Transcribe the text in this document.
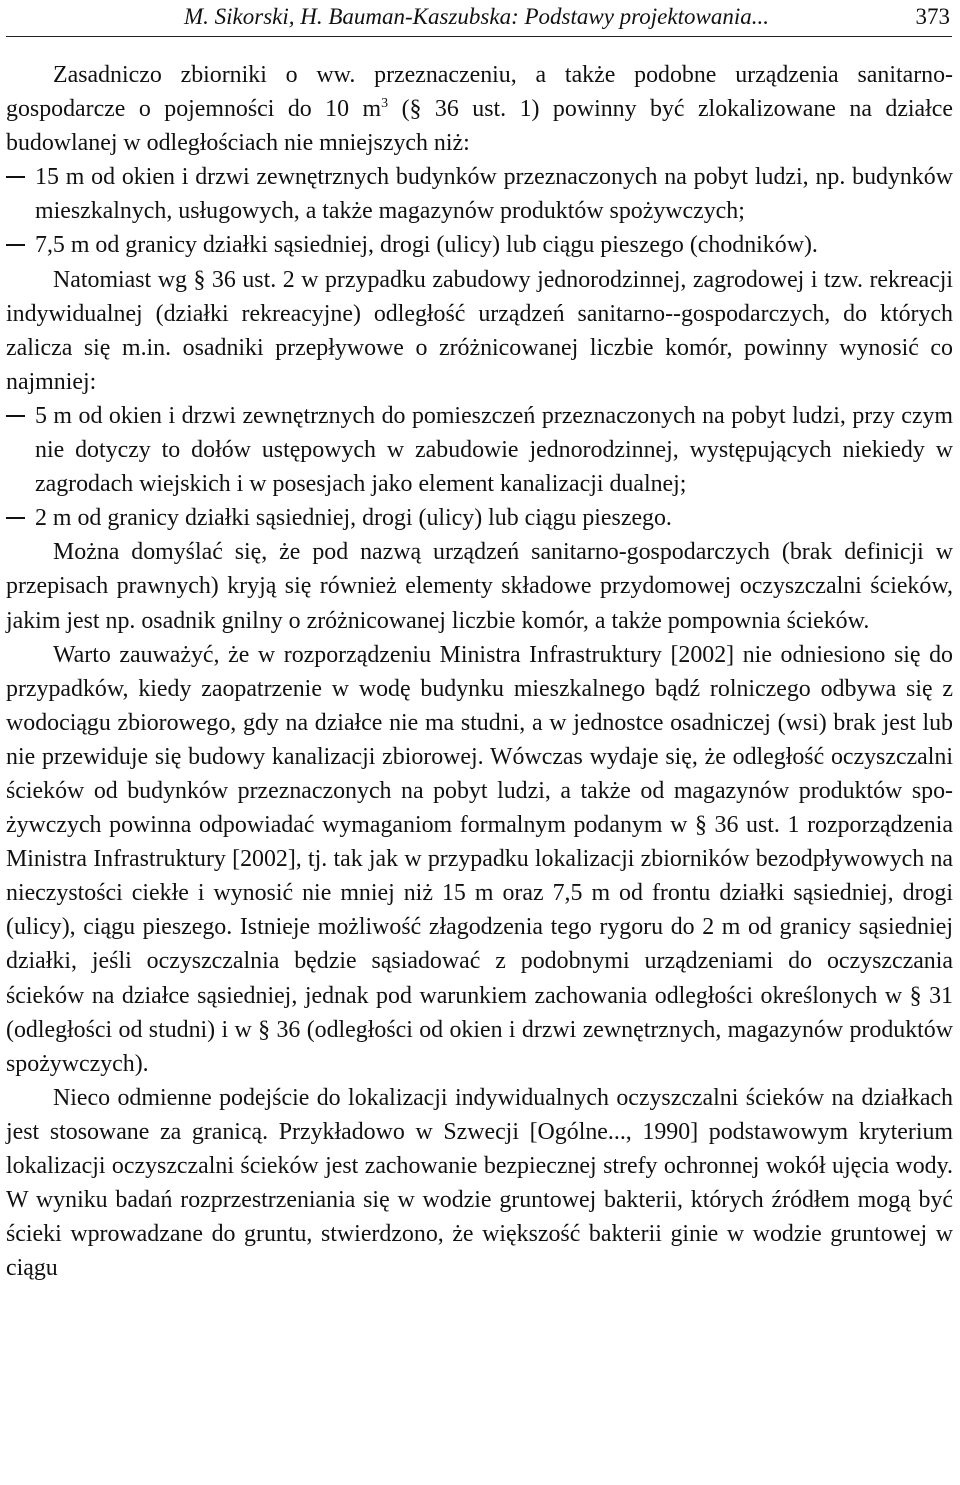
M. Sikorski, H. Bauman-Kaszubska: Podstawy projektowania...	373

Zasadniczo zbiorniki o ww. przeznaczeniu, a także podobne urządzenia sanitarno-gospodarcze o pojemności do 10 $m^3$ (§ 36 ust. 1) powinny być zlokalizowane na działce budowlanej w odległościach nie mniejszych niż:

15 m od okien i drzwi zewnętrznych budynków przeznaczonych na pobyt ludzi, np. budynków mieszkalnych, usługowych, a także magazynów produktów spożywczych;

7,5 m od granicy działki sąsiedniej, drogi (ulicy) lub ciągu pieszego (chodników).

Natomiast wg § 36 ust. 2 w przypadku zabudowy jednorodzinnej, zagrodowej i tzw. rekreacji indywidualnej (działki rekreacyjne) odległość urządzeń sanitarno--gospodarczych, do których zalicza się m.in. osadniki przepływowe o zróżnicowanej liczbie komór, powinny wynosić co najmniej:

5 m od okien i drzwi zewnętrznych do pomieszczeń przeznaczonych na pobyt ludzi, przy czym nie dotyczy to dołów ustępowych w zabudowie jednorodzinnej, występujących niekiedy w zagrodach wiejskich i w posesjach jako element kanalizacji dualnej;

2 m od granicy działki sąsiedniej, drogi (ulicy) lub ciągu pieszego.

Można domyślać się, że pod nazwą urządzeń sanitarno-gospodarczych (brak definicji w przepisach prawnych) kryją się również elementy składowe przydomowej oczyszczalni ścieków, jakim jest np. osadnik gnilny o zróżnicowanej liczbie komór, a także pompownia ścieków.

Warto zauważyć, że w rozporządzeniu Ministra Infrastruktury [2002] nie odniesiono się do przypadków, kiedy zaopatrzenie w wodę budynku mieszkalnego bądź rolniczego odbywa się z wodociągu zbiorowego, gdy na działce nie ma studni, a w jednostce osadniczej (wsi) brak jest lub nie przewiduje się budowy kanalizacji zbiorowej. Wówczas wydaje się, że odległość oczyszczalni ścieków od budynków przeznaczonych na pobyt ludzi, a także od magazynów produktów spożywczych powinna odpowiadać wymaganiom formalnym podanym w § 36 ust. 1 rozporządzenia Ministra Infrastruktury [2002], tj. tak jak w przypadku lokalizacji zbiorników bezodpływowych na nieczystości ciekłe i wynosić nie mniej niż 15 m oraz 7,5 m od frontu działki sąsiedniej, drogi (ulicy), ciągu pieszego. Istnieje możliwość złagodzenia tego rygoru do 2 m od granicy sąsiedniej działki, jeśli oczyszczalnia będzie sąsiadować z podobnymi urządzeniami do oczyszczania ścieków na działce sąsiedniej, jednak pod warunkiem zachowania odległości określonych w § 31 (odległości od studni) i w § 36 (odległości od okien i drzwi zewnętrznych, magazynów produktów spożywczych).

Nieco odmienne podejście do lokalizacji indywidualnych oczyszczalni ścieków na działkach jest stosowane za granicą. Przykładowo w Szwecji [Ogólne..., 1990] podstawowym kryterium lokalizacji oczyszczalni ścieków jest zachowanie bezpiecznej strefy ochronnej wokół ujęcia wody. W wyniku badań rozprzestrzeniania się w wodzie gruntowej bakterii, których źródłem mogą być ścieki wprowadzane do gruntu, stwierdzono, że większość bakterii ginie w wodzie gruntowej w ciągu
